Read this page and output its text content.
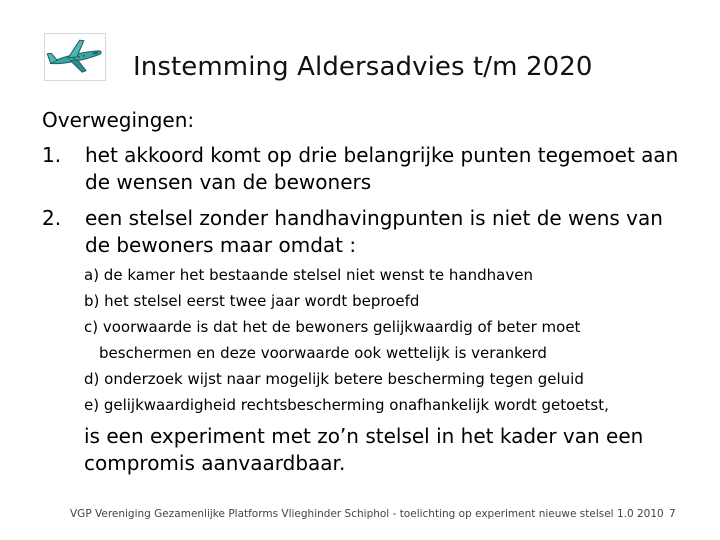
Instemming Aldersadvies t/m 2020
Overwegingen:
1.	het akkoord komt op drie belangrijke punten tegemoet aan de wensen van de bewoners
2.	een stelsel zonder handhavingpunten is niet de wens van de bewoners maar omdat :
a) de kamer het bestaande stelsel niet wenst te handhaven
b) het stelsel eerst twee jaar wordt beproefd
c) voorwaarde is dat het de bewoners gelijkwaardig of beter moet
beschermen en deze voorwaarde ook wettelijk is verankerd
d) onderzoek wijst naar mogelijk betere bescherming tegen geluid
e) gelijkwaardigheid rechtsbescherming onafhankelijk wordt getoetst,
is een experiment met zo’n stelsel in het kader van een compromis aanvaardbaar.
VGP Vereniging Gezamenlijke Platforms Vlieghinder Schiphol - toelichting op experiment nieuwe stelsel 1.0 2010 7
